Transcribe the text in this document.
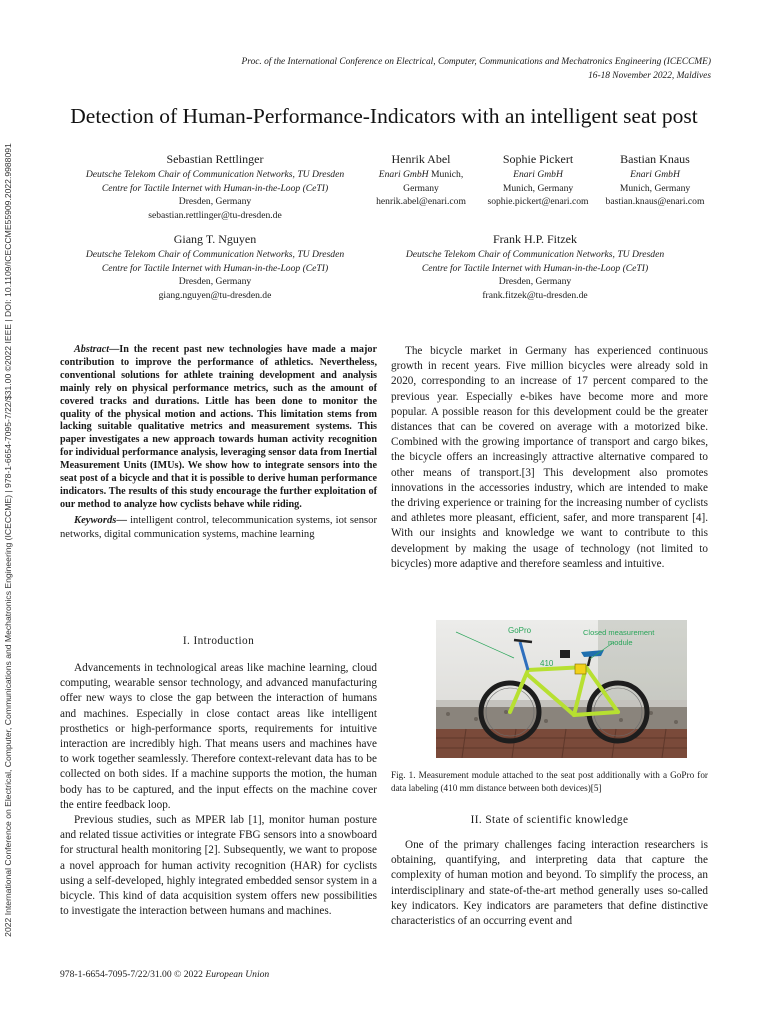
2022 International Conference on Electrical, Computer, Communications and Mechatronics Engineering (ICECCME) | 978-1-6654-7095-7/22/$31.00 ©2022 IEEE | DOI: 10.1109/ICECCME55909.2022.9988091
Proc. of the International Conference on Electrical, Computer, Communications and Mechatronics Engineering (ICECCME)
16-18 November 2022, Maldives
Detection of Human-Performance-Indicators with an intelligent seat post
Sebastian Rettlinger
Deutsche Telekom Chair of Communication Networks, TU Dresden
Centre for Tactile Internet with Human-in-the-Loop (CeTI)
Dresden, Germany
sebastian.rettlinger@tu-dresden.de
Henrik Abel
Enari GmbH Munich,
Germany
henrik.abel@enari.com
Sophie Pickert
Enari GmbH
Munich, Germany
sophie.pickert@enari.com
Bastian Knaus
Enari GmbH
Munich, Germany
bastian.knaus@enari.com
Giang T. Nguyen
Deutsche Telekom Chair of Communication Networks, TU Dresden
Centre for Tactile Internet with Human-in-the-Loop (CeTI)
Dresden, Germany
giang.nguyen@tu-dresden.de
Frank H.P. Fitzek
Deutsche Telekom Chair of Communication Networks, TU Dresden
Centre for Tactile Internet with Human-in-the-Loop (CeTI)
Dresden, Germany
frank.fitzek@tu-dresden.de
Abstract—In the recent past new technologies have made a major contribution to improve the performance of athletics. Nevertheless, conventional solutions for athlete training development and analysis mainly rely on physical performance metrics, such as the amount of covered tracks and durations. Little has been done to monitor the quality of the physical motion and actions. This limitation stems from lacking suitable qualitative metrics and measurement systems. This paper investigates a new approach towards human activity recognition for individual performance analysis, leveraging sensor data from Inertial Measurement Units (IMUs). We show how to integrate sensors into the seat post of a bicycle and that it is possible to derive human performance indicators. The results of this study encourage the further exploitation of our method to analyze how cyclists behave while riding.
Keywords— intelligent control, telecommunication systems, iot sensor networks, digital communication systems, machine learning
I. Introduction

Advancements in technological areas like machine learning, cloud computing, wearable sensor technology, and advanced manufacturing offer new ways to close the gap between the interaction of humans and machines. Especially in close contact areas like intelligent prosthetics or high-performance sports, requirements for intuitive interaction are incredibly high. That means users and machines have to work together seamlessly. Therefore context-relevant data has to be collected on both sides. If a machine supports the motion, the human body has to be captured, and the input effects on the machine cover the entire feedback loop.

Previous studies, such as MPER lab [1], monitor human posture and related tissue activities or integrate FBG sensors into a snowboard for structural health monitoring [2]. Subsequently, we want to propose a novel approach for human activity recognition (HAR) for cyclists using a self-developed, highly integrated embedded sensor system in a bicycle. This kind of data acquisition system offers new possibilities to investigate the interaction between humans and machines.

The bicycle market in Germany has experienced continuous growth in recent years. Five million bicycles were already sold in 2020, corresponding to an increase of 17 percent compared to the previous year. Especially e-bikes have become more and more popular. A possible reason for this development could be the greater distances that can be covered on average with a motorized bike. Combined with the growing importance of transport and cargo bikes, the bicycle offers an increasingly attractive alternative compared to other means of transport.[3] This development also promotes innovations in the accessories industry, which are intended to make the driving experience or training for the increasing number of cyclists and athletes more pleasant, efficient, safer, and more transparent [4]. With our insights and knowledge we want to contribute to this development by making the usage of technology (not limited to bicycles) more adaptive and therefore seamless and intuitive.

GoPro	Closed measurement
module
410
Fig. 1. Measurement module attached to the seat post additionally with a GoPro for data labeling (410 mm distance between both devices)[5]
II. State of scientific knowledge

One of the primary challenges facing interaction researchers is obtaining, quantifying, and interpreting data that capture the complexity of human motion and beyond. To simplify the process, an interdisciplinary and state-of-the-art method generally uses so-called key indicators. Key indicators are parameters that define distinctive characteristics of an occurring event and

978-1-6654-7095-7/22/31.00 © 2022 European Union
